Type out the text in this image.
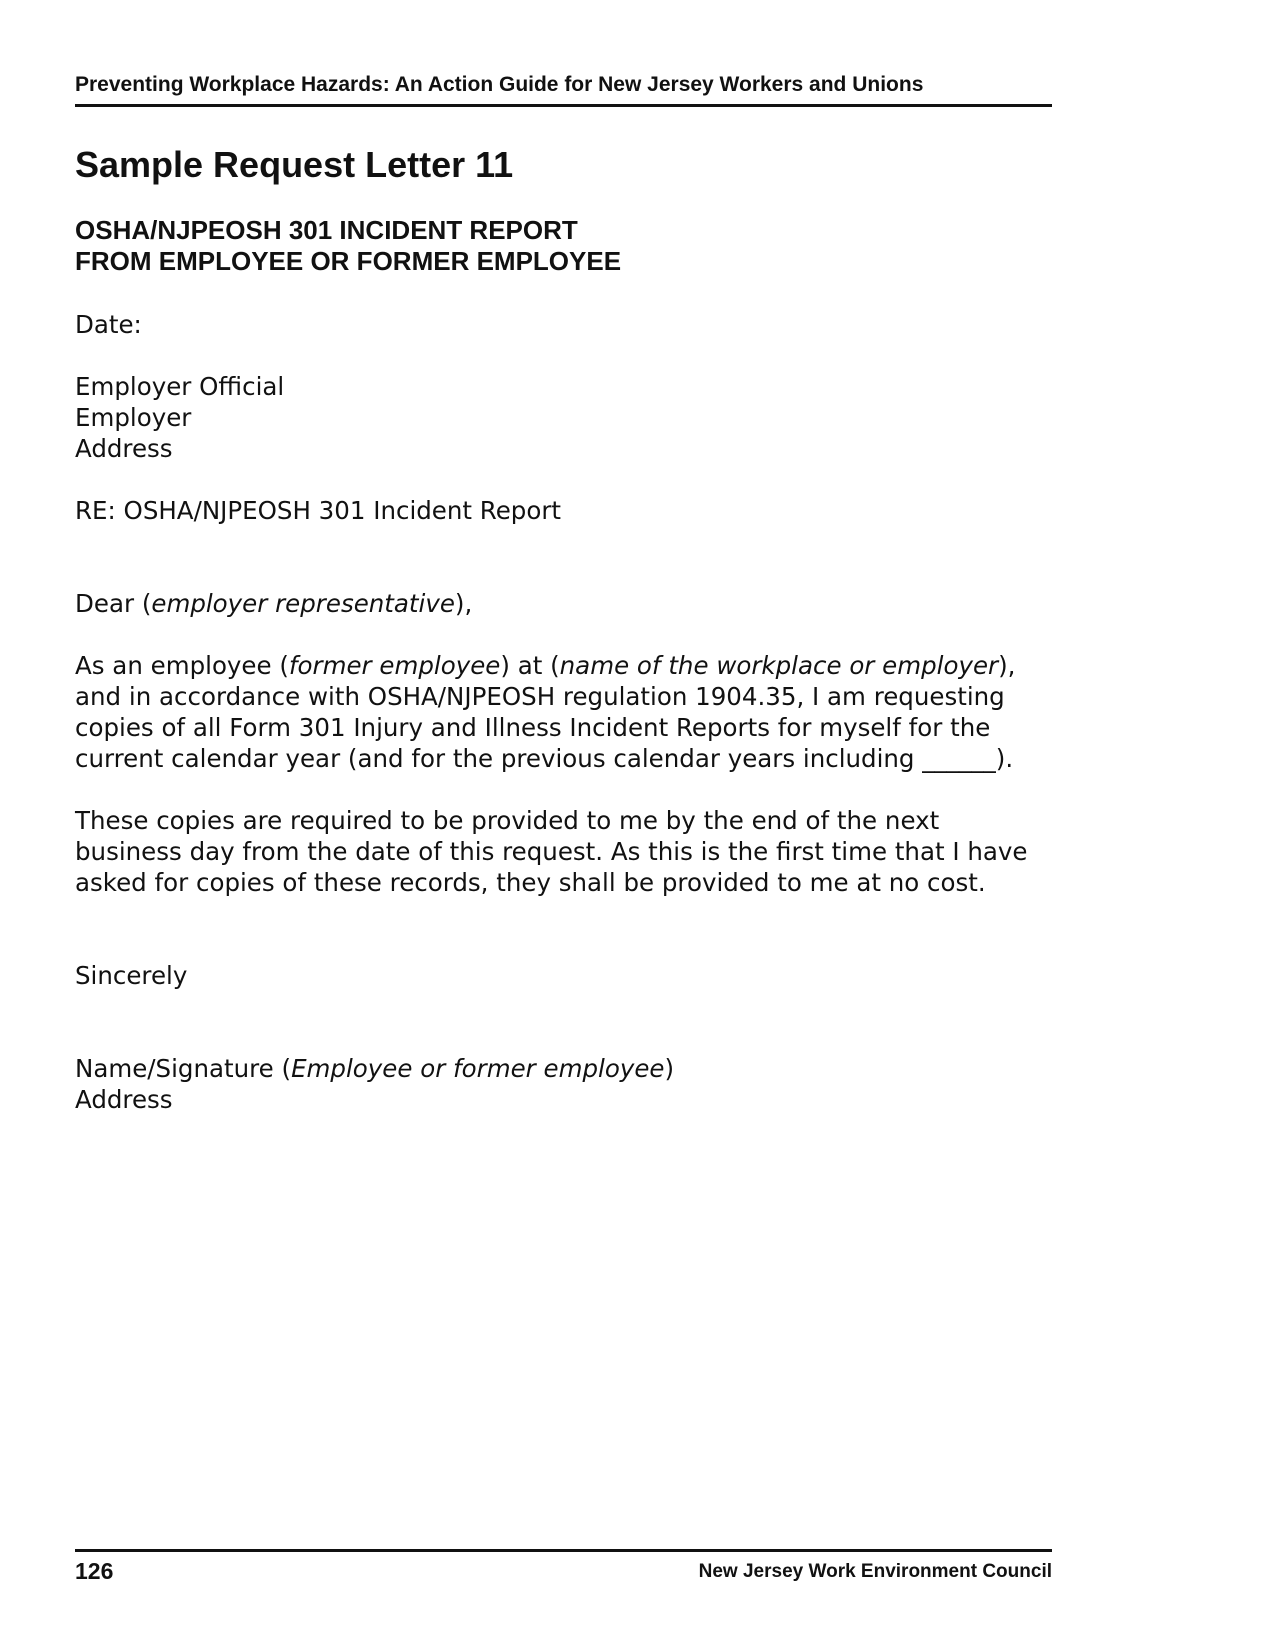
Preventing Workplace Hazards: An Action Guide for New Jersey Workers and Unions
Sample Request Letter 11
OSHA/NJPEOSH 301 INCIDENT REPORT
FROM EMPLOYEE OR FORMER EMPLOYEE

Date:

Employer Official
Employer
Address

RE: OSHA/NJPEOSH 301 Incident Report

Dear (employer representative),

As an employee (former employee) at (name of the workplace or employer),
and in accordance with OSHA/NJPEOSH regulation 1904.35, I am requesting
copies of all Form 301 Injury and Illness Incident Reports for myself for the
current calendar year (and for the previous calendar years including ______).

These copies are required to be provided to me by the end of the next
business day from the date of this request. As this is the first time that I have
asked for copies of these records, they shall be provided to me at no cost.

Sincerely

Name/Signature (Employee or former employee)
Address

126	New Jersey Work Environment Council
